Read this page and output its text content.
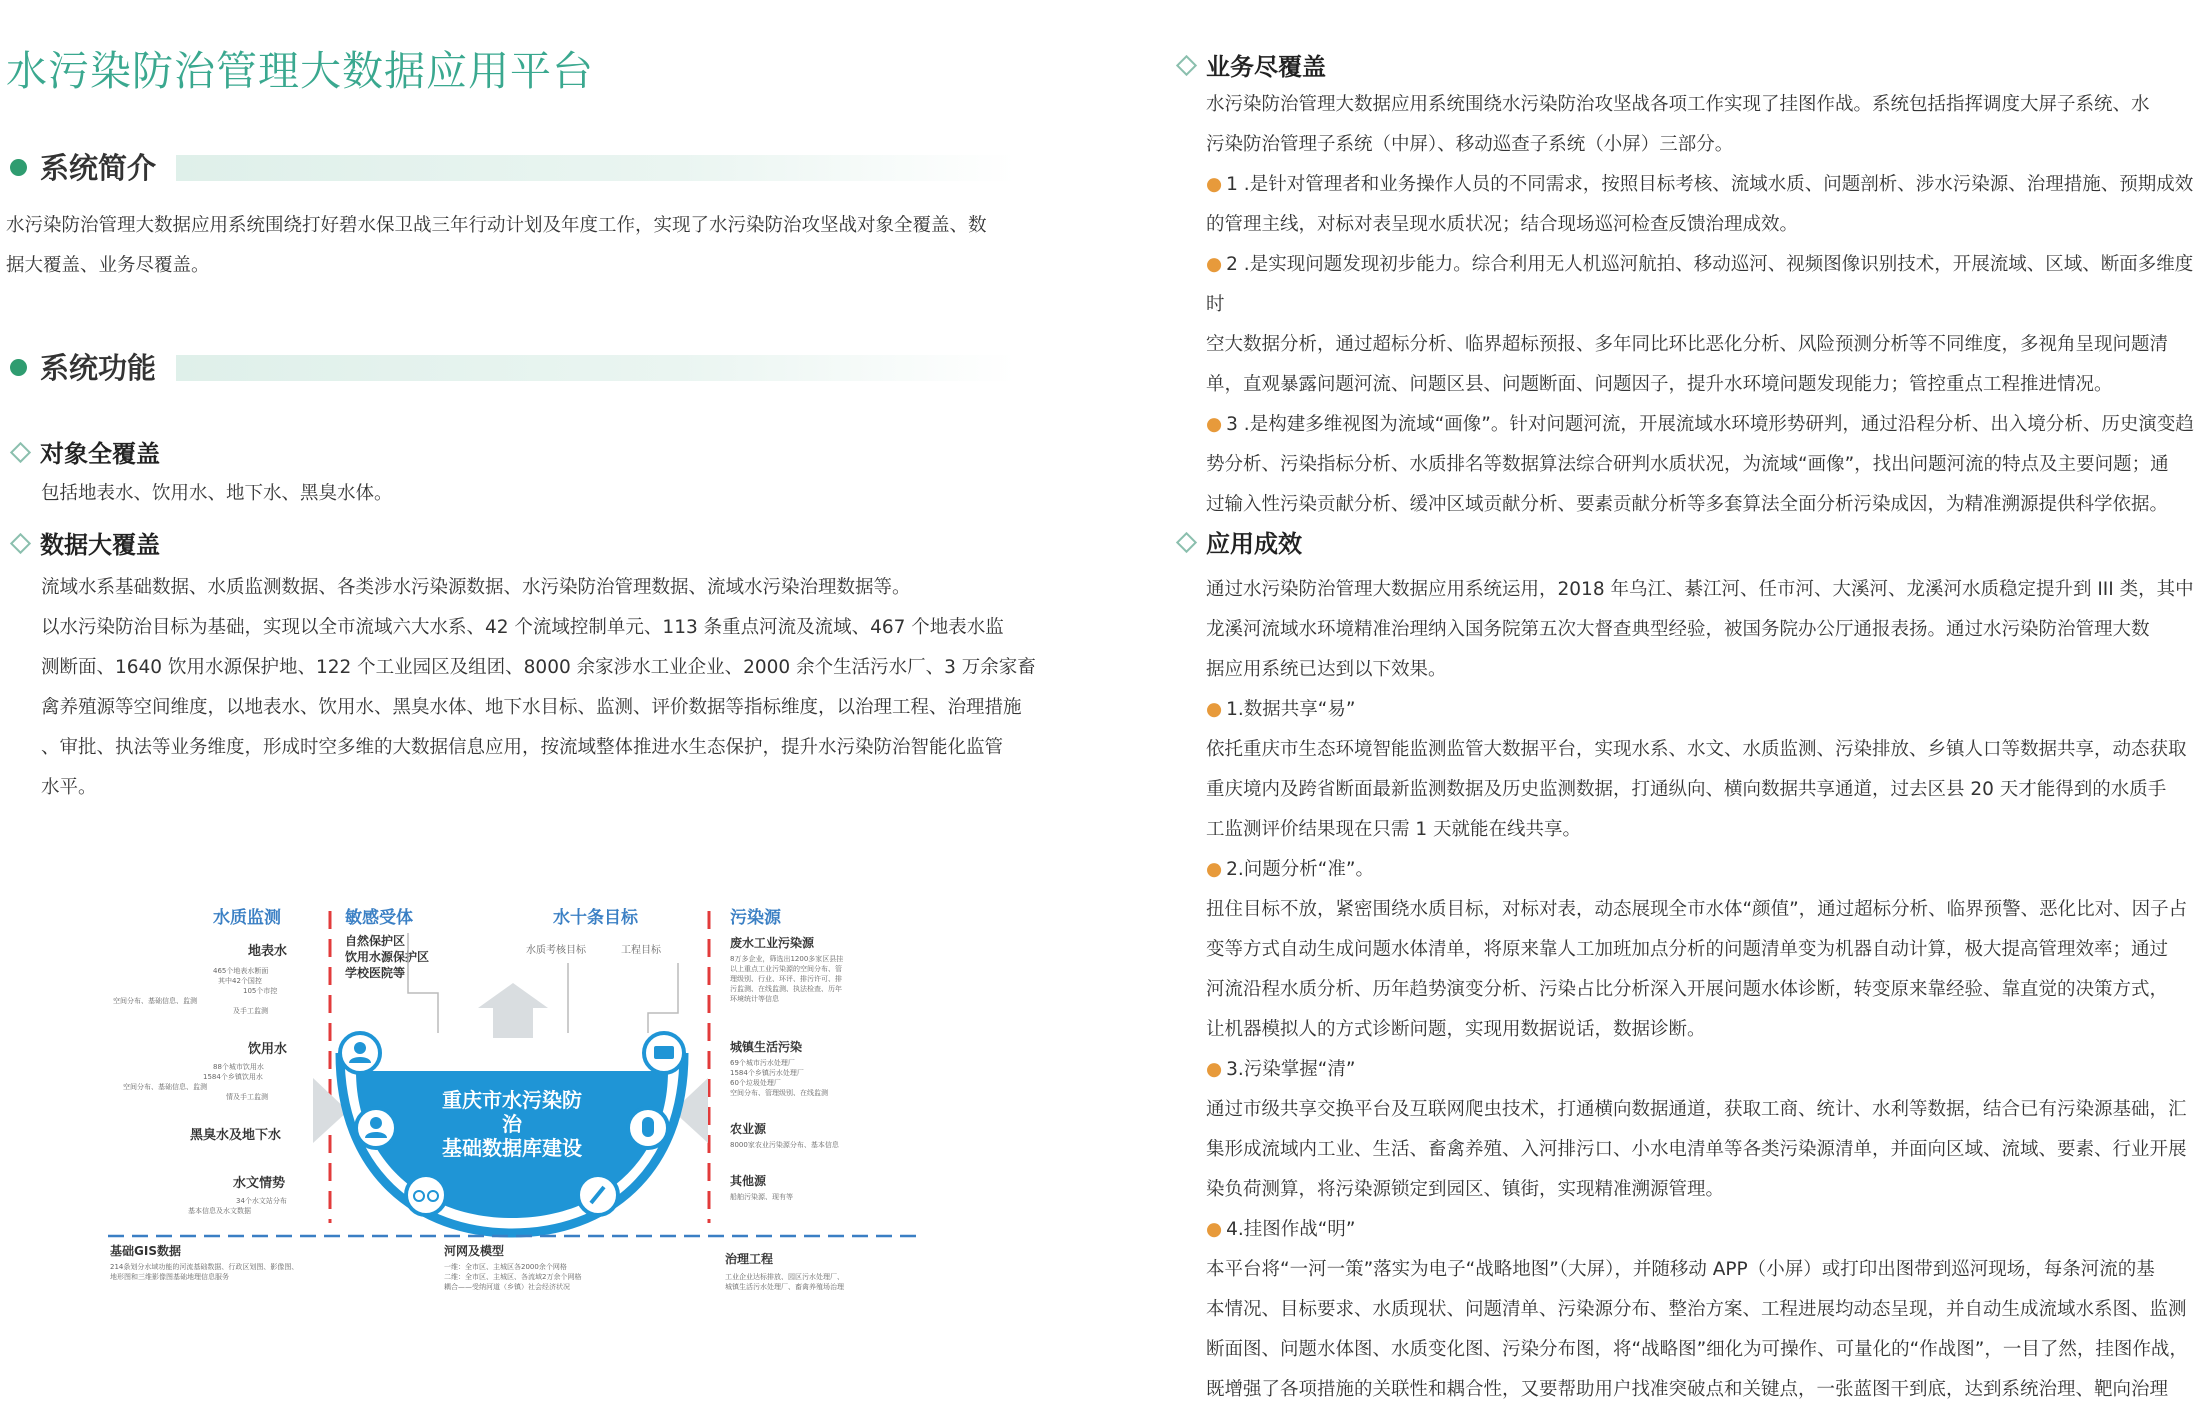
水污染防治管理大数据应用平台
系统简介

水污染防治管理大数据应用系统围绕打好碧水保卫战三年行动计划及年度工作，实现了水污染防治攻坚战对象全覆盖、数
据大覆盖、业务尽覆盖。

系统功能
对象全覆盖

包括地表水、饮用水、地下水、黑臭水体。

数据大覆盖

流域水系基础数据、水质监测数据、各类涉水污染源数据、水污染防治管理数据、流域水污染治理数据等。
以水污染防治目标为基础，实现以全市流域六大水系、42 个流域控制单元、113 条重点河流及流域、467 个地表水监
测断面、1640 饮用水源保护地、122 个工业园区及组团、8000 余家涉水工业企业、2000 余个生活污水厂、3 万余家畜
禽养殖源等空间维度，以地表水、饮用水、黑臭水体、地下水目标、监测、评价数据等指标维度，以治理工程、治理措施
、审批、执法等业务维度，形成时空多维的大数据信息应用，按流域整体推进水生态保护，提升水污染防治智能化监管
水平。

水质监测	敏感受体	水十条目标	污染源
地表水
465个地表水断面
其中42个国控
105个市控
空间分布、基础信息、监测
及手工监测
饮用水
88个城市饮用水
1584个乡镇饮用水
空间分布、基础信息、监测
情及手工监测
黑臭水及地下水
水文情势
34个水文站分布
基本信息及水文数据
自然保护区
饮用水源保护区
学校医院等
水质考核目标	工程目标
重庆市水污染防
治
基础数据库建设
废水工业污染源
8万多企业，筛选出1200多家区县挂
以上重点工业污染源的空间分布、管
理级别、行业、环评、排污许可、排
污监测、在线监测、执法检查、历年
环境统计等信息
城镇生活污染
69个城市污水处理厂
1584个乡镇污水处理厂
60个垃圾处理厂
空间分布、管理级别、在线监测
农业源
8000家农业污染源分布、基本信息
其他源
船舶污染源、现有等
基础GIS数据
214条划分水域功能的河流基础数据、行政区划图、影像图、
地形图和三维影像图基础地理信息服务
河网及模型
一维：全市区、主城区各2000余个网格
二维：全市区、主城区、各流域2万余个网格
耦合——受纳河道（乡镇）社会经济状况
治理工程
工业企业达标排放、园区污水处理厂、
城镇生活污水处理厂、畜禽养殖场治理
业务尽覆盖
水污染防治管理大数据应用系统围绕水污染防治攻坚战各项工作实现了挂图作战。系统包括指挥调度大屏子系统、水
污染防治管理子系统（中屏）、移动巡查子系统（小屏）三部分。
● 1 .是针对管理者和业务操作人员的不同需求，按照目标考核、流域水质、问题剖析、涉水污染源、治理措施、预期成效
的管理主线，对标对表呈现水质状况；结合现场巡河检查反馈治理成效。
● 2 .是实现问题发现初步能力。综合利用无人机巡河航拍、移动巡河、视频图像识别技术，开展流域、区域、断面多维度时
空大数据分析，通过超标分析、临界超标预报、多年同比环比恶化分析、风险预测分析等不同维度，多视角呈现问题清
单，直观暴露问题河流、问题区县、问题断面、问题因子，提升水环境问题发现能力；管控重点工程推进情况。
● 3 .是构建多维视图为流域“画像”。针对问题河流，开展流域水环境形势研判，通过沿程分析、出入境分析、历史演变趋
势分析、污染指标分析、水质排名等数据算法综合研判水质状况，为流域“画像”，找出问题河流的特点及主要问题；通
过输入性污染贡献分析、缓冲区域贡献分析、要素贡献分析等多套算法全面分析污染成因，为精准溯源提供科学依据。
应用成效
通过水污染防治管理大数据应用系统运用，2018 年乌江、綦江河、任市河、大溪河、龙溪河水质稳定提升到 III 类，其中
龙溪河流域水环境精准治理纳入国务院第五次大督查典型经验，被国务院办公厅通报表扬。通过水污染防治管理大数
据应用系统已达到以下效果。
● 1.数据共享“易”
依托重庆市生态环境智能监测监管大数据平台，实现水系、水文、水质监测、污染排放、乡镇人口等数据共享，动态获取
重庆境内及跨省断面最新监测数据及历史监测数据，打通纵向、横向数据共享通道，过去区县 20 天才能得到的水质手
工监测评价结果现在只需 1 天就能在线共享。
● 2.问题分析“准”。
扭住目标不放，紧密围绕水质目标，对标对表，动态展现全市水体“颜值”，通过超标分析、临界预警、恶化比对、因子占
变等方式自动生成问题水体清单，将原来靠人工加班加点分析的问题清单变为机器自动计算，极大提高管理效率；通过
河流沿程水质分析、历年趋势演变分析、污染占比分析深入开展问题水体诊断，转变原来靠经验、靠直觉的决策方式，
让机器模拟人的方式诊断问题，实现用数据说话，数据诊断。
● 3.污染掌握“清”
通过市级共享交换平台及互联网爬虫技术，打通横向数据通道，获取工商、统计、水利等数据，结合已有污染源基础，汇
集形成流域内工业、生活、畜禽养殖、入河排污口、小水电清单等各类污染源清单，并面向区域、流域、要素、行业开展
染负荷测算，将污染源锁定到园区、镇街，实现精准溯源管理。
● 4.挂图作战“明”
本平台将“一河一策”落实为电子“战略地图”（大屏），并随移动 APP（小屏）或打印出图带到巡河现场，每条河流的基
本情况、目标要求、水质现状、问题清单、污染源分布、整治方案、工程进展均动态呈现，并自动生成流域水系图、监测
断面图、问题水体图、水质变化图、污染分布图，将“战略图”细化为可操作、可量化的“作战图”，一目了然，挂图作战，
既增强了各项措施的关联性和耦合性，又要帮助用户找准突破点和关键点，一张蓝图干到底，达到系统治理、靶向治理
